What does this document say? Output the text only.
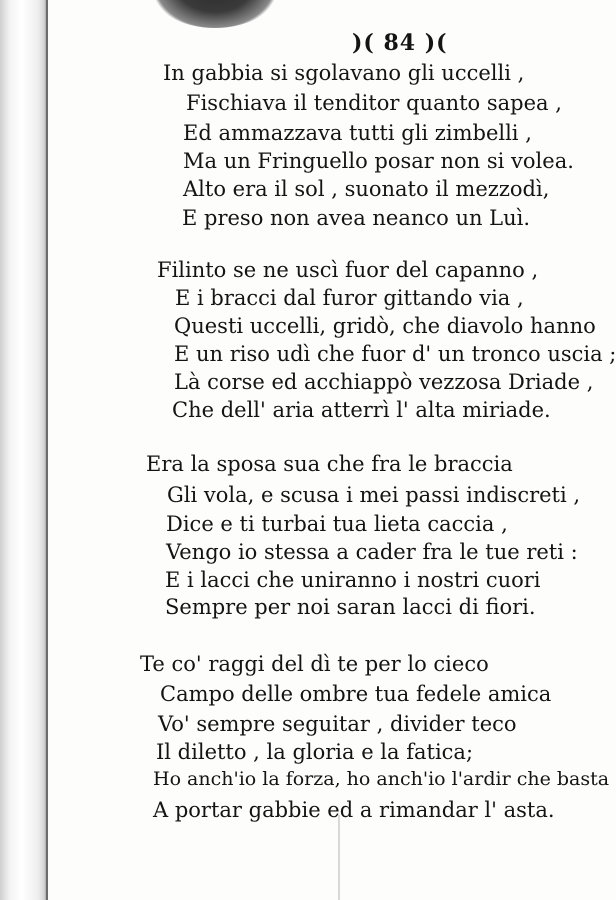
)( 84 )(
In gabbia si sgolavano gli uccelli ,
Fischiava il tenditor quanto sapea ,
Ed ammazzava tutti gli zimbelli ,
Ma un Fringuello posar non si volea.
Alto era il sol , suonato il mezzodì,
E preso non avea neanco un Luì.
Filinto se ne uscì fuor del capanno ,
E i bracci dal furor gittando via ,
Questi uccelli, gridò, che diavolo hanno
E un riso udì che fuor d' un tronco uscia ;
Là corse ed acchiappò vezzosa Driade ,
Che dell' aria atterrì l' alta miriade.
Era la sposa sua che fra le braccia
Gli vola, e scusa i mei passi indiscreti ,
Dice e ti turbai tua lieta caccia ,
Vengo io stessa a cader fra le tue reti :
E i lacci che uniranno i nostri cuori
Sempre per noi saran lacci di fiori.
Te co' raggi del dì te per lo cieco
Campo delle ombre tua fedele amica
Vo' sempre seguitar , divider teco
Il diletto , la gloria e la fatica;
Ho anch'io la forza, ho anch'io l'ardir che basta
A portar gabbie ed a rimandar l' asta.
